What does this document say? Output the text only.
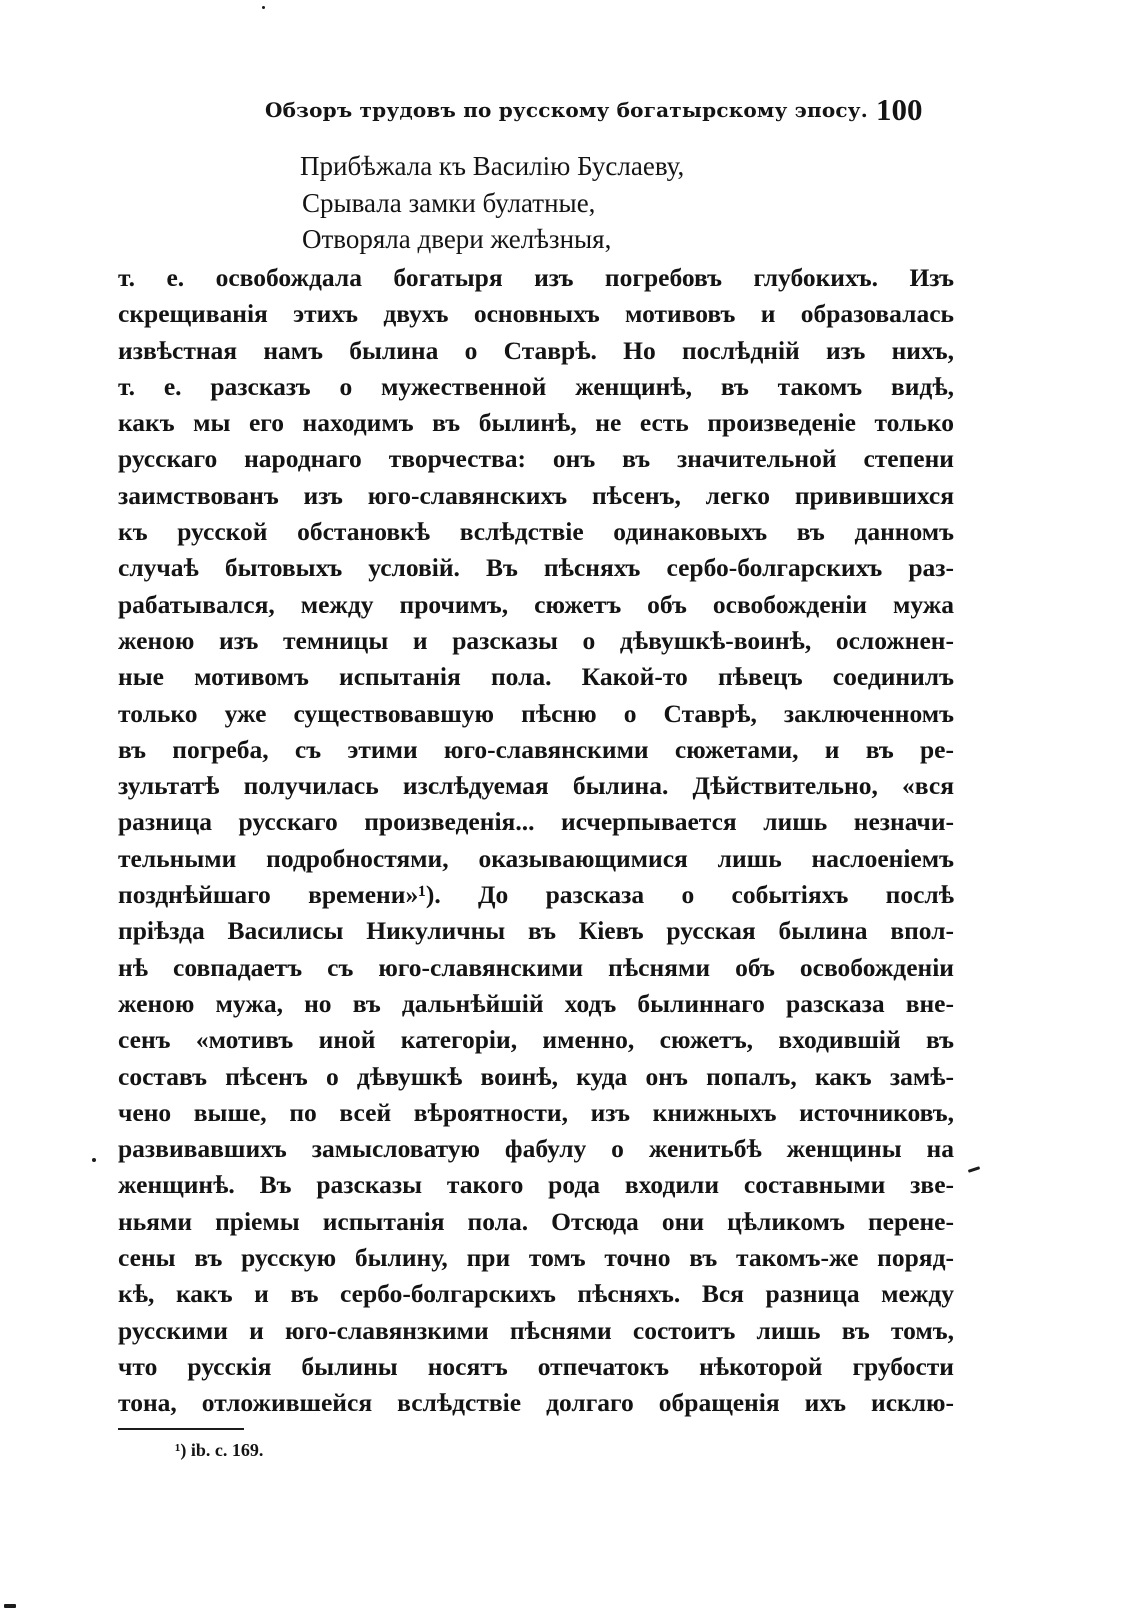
Обзоръ трудовъ по русскому богатырскому эпосу. 100
Прибѣжала къ Василію Буслаеву,
Срывала замки булатные,
Отворяла двери желѣзныя,
т. е. освобождала богатыря изъ погребовъ глубокихъ. Изъ
скрещиванія этихъ двухъ основныхъ мотивовъ и образовалась
извѣстная намъ былина о Ставрѣ. Но послѣдній изъ нихъ,
т. е. разсказъ о мужественной женщинѣ, въ такомъ видѣ,
какъ мы его находимъ въ былинѣ, не есть произведеніе только
русскаго народнаго творчества: онъ въ значительной степени
заимствованъ изъ юго-славянскихъ пѣсенъ, легко привившихся
къ русской обстановкѣ вслѣдствіе одинаковыхъ въ данномъ
случаѣ бытовыхъ условій. Въ пѣсняхъ сербо-болгарскихъ раз-
рабатывался, между прочимъ, сюжетъ объ освобожденіи мужа
женою изъ темницы и разсказы о дѣвушкѣ-воинѣ, осложнен-
ные мотивомъ испытанія пола. Какой-то пѣвецъ соединилъ
только уже существовавшую пѣсню о Ставрѣ, заключенномъ
въ погреба, съ этими юго-славянскими сюжетами, и въ ре-
зультатѣ получилась изслѣдуемая былина. Дѣйствительно, «вся
разница русскаго произведенія... исчерпывается лишь незначи-
тельными подробностями, оказывающимися лишь наслоеніемъ
позднѣйшаго времени»¹). До разсказа о событіяхъ послѣ
пріѣзда Василисы Никуличны въ Кіевъ русская былина впол-
нѣ совпадаетъ съ юго-славянскими пѣснями объ освобожденіи
женою мужа, но въ дальнѣйшій ходъ былиннаго разсказа вне-
сенъ «мотивъ иной категоріи, именно, сюжетъ, входившій въ
составъ пѣсенъ о дѣвушкѣ воинѣ, куда онъ попалъ, какъ замѣ-
чено выше, по всей вѣроятности, изъ книжныхъ источниковъ,
развивавшихъ замысловатую фабулу о женитьбѣ женщины на
женщинѣ. Въ разсказы такого рода входили составными зве-
ньями пріемы испытанія пола. Отсюда они цѣликомъ перене-
сены въ русскую былину, при томъ точно въ такомъ-же поряд-
кѣ, какъ и въ сербо-болгарскихъ пѣсняхъ. Вся разница между
русскими и юго-славянзкими пѣснями состоитъ лишь въ томъ,
что русскія былины носятъ отпечатокъ нѣкоторой грубости
тона, отложившейся вслѣдствіе долгаго обращенія ихъ исклю-
¹) ib. с. 169.
